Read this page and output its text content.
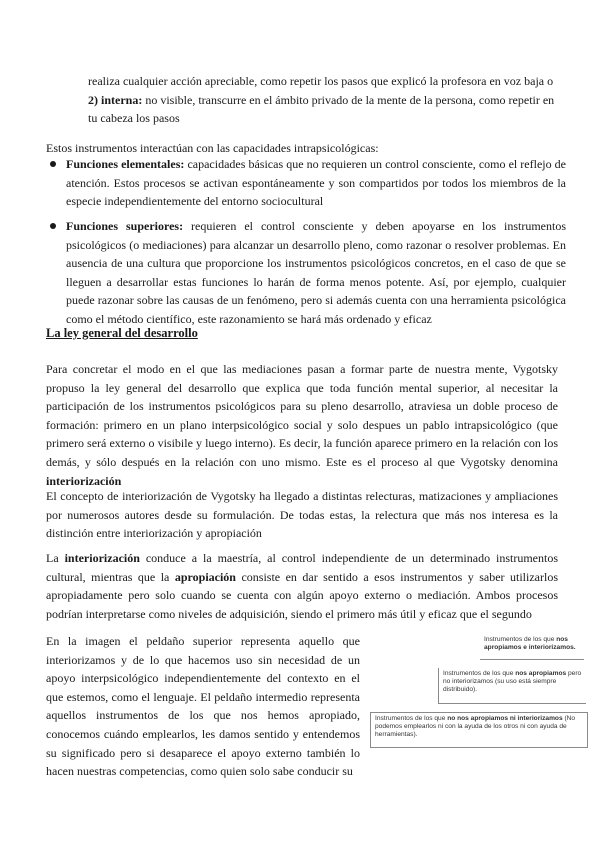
realiza cualquier acción apreciable, como repetir los pasos que explicó la profesora en voz baja o

2) interna: no visible, transcurre en el ámbito privado de la mente de la persona, como repetir en tu cabeza los pasos

Estos instrumentos interactúan con las capacidades intrapsicológicas:

Funciones elementales: capacidades básicas que no requieren un control consciente, como el reflejo de atención. Estos procesos se activan espontáneamente y son compartidos por todos los miembros de la especie independientemente del entorno sociocultural

Funciones superiores: requieren el control consciente y deben apoyarse en los instrumentos psicológicos (o mediaciones) para alcanzar un desarrollo pleno, como razonar o resolver problemas. En ausencia de una cultura que proporcione los instrumentos psicológicos concretos, en el caso de que se lleguen a desarrollar estas funciones lo harán de forma menos potente. Así, por ejemplo, cualquier puede razonar sobre las causas de un fenómeno, pero si además cuenta con una herramienta psicológica como el método científico, este razonamiento se hará más ordenado y eficaz

La ley general del desarrollo

Para concretar el modo en el que las mediaciones pasan a formar parte de nuestra mente, Vygotsky propuso la ley general del desarrollo que explica que toda función mental superior, al necesitar la participación de los instrumentos psicológicos para su pleno desarrollo, atraviesa un doble proceso de formación: primero en un plano interpsicológico social y solo despues un pablo intrapsicológico (que primero será externo o visibile y luego interno). Es decir, la función aparece primero en la relación con los demás, y sólo después en la relación con uno mismo. Este es el proceso al que Vygotsky denomina interiorización

El concepto de interiorización de Vygotsky ha llegado a distintas relecturas, matizaciones y ampliaciones por numerosos autores desde su formulación. De todas estas, la relectura que más nos interesa es la distinción entre interiorización y apropiación

La interiorización conduce a la maestría, al control independiente de un determinado instrumentos cultural, mientras que la apropiación consiste en dar sentido a esos instrumentos y saber utilizarlos apropiadamente pero solo cuando se cuenta con algún apoyo externo o mediación. Ambos procesos podrían interpretarse como niveles de adquisición, siendo el primero más útil y eficaz que el segundo

En la imagen el peldaño superior representa aquello que interiorizamos y de lo que hacemos uso sin necesidad de un apoyo interpsicológico independientemente del contexto en el que estemos, como el lenguaje. El peldaño intermedio representa aquellos instrumentos de los que nos hemos apropiado, conocemos cuándo emplearlos, les damos sentido y entendemos su significado pero si desaparece el apoyo externo también lo hacen nuestras competencias, como quien solo sabe conducir su

Instrumentos de los que nos apropiamos e interiorizamos.
Instrumentos de los que nos apropiamos pero no interiorizamos (su uso está siempre distribuido).
Instrumentos de los que no nos apropiamos ni interiorizamos (No podemos emplearlos ni con la ayuda de los otros ni con ayuda de herramientas).
